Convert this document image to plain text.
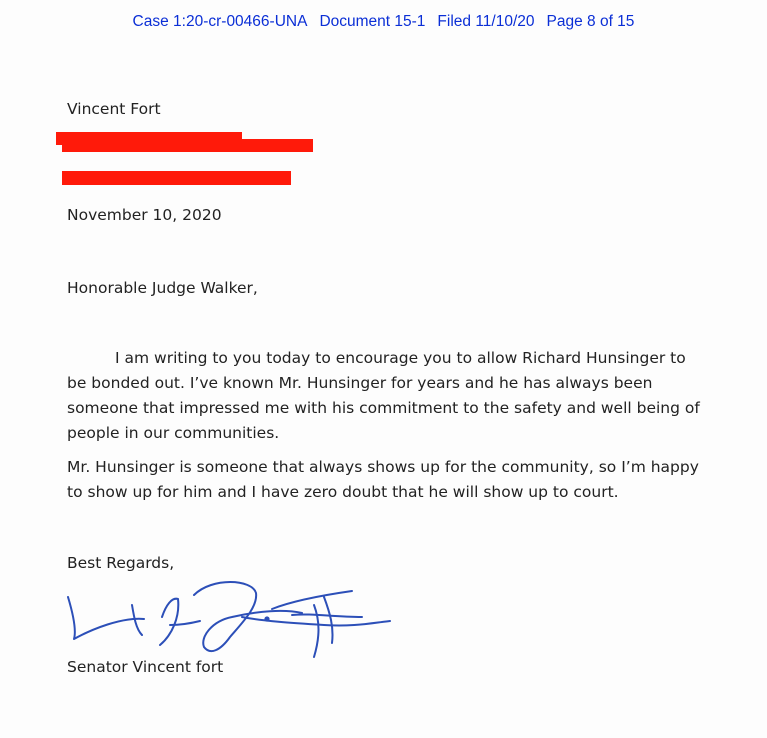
Case 1:20-cr-00466-UNA Document 15-1 Filed 11/10/20 Page 8 of 15
Vincent Fort
November 10, 2020
Honorable Judge Walker,
I am writing to you today to encourage you to allow Richard Hunsinger to
be bonded out. I’ve known Mr. Hunsinger for years and he has always been
someone that impressed me with his commitment to the safety and well being of
people in our communities.
Mr. Hunsinger is someone that always shows up for the community, so I’m happy
to show up for him and I have zero doubt that he will show up to court.
Best Regards,
Senator Vincent fort
